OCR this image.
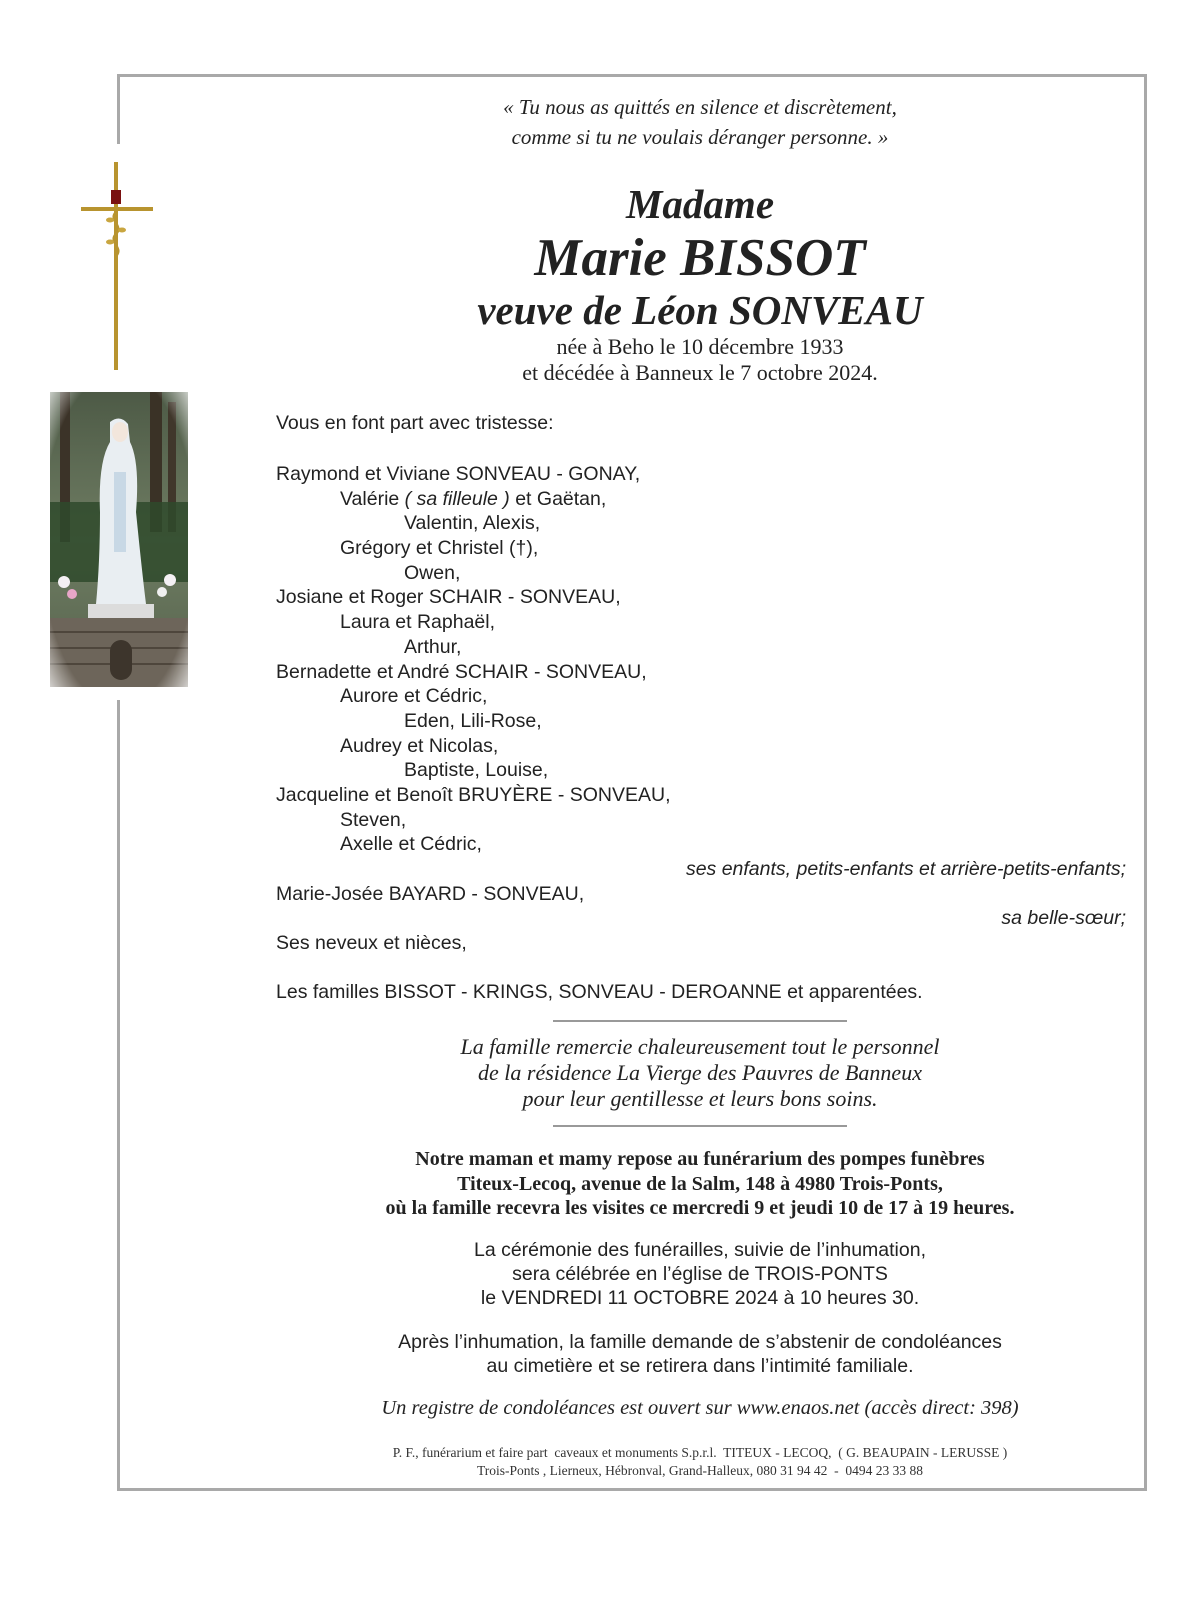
« Tu nous as quittés en silence et discrètement,
comme si tu ne voulais déranger personne. »
Madame
Marie BISSOT
veuve de Léon SONVEAU
née à Beho le 10 décembre 1933
et décédée à Banneux le 7 octobre 2024.
Vous en font part avec tristesse:
Raymond et Viviane SONVEAU - GONAY,
Valérie ( sa filleule ) et Gaëtan,
Valentin, Alexis,
Grégory et Christel (†),
Owen,
Josiane et Roger SCHAIR - SONVEAU,
Laura et Raphaël,
Arthur,
Bernadette et André SCHAIR - SONVEAU,
Aurore et Cédric,
Eden, Lili-Rose,
Audrey et Nicolas,
Baptiste, Louise,
Jacqueline et Benoît BRUYÈRE - SONVEAU,
Steven,
Axelle et Cédric,
ses enfants, petits-enfants et arrière-petits-enfants;
Marie-Josée BAYARD - SONVEAU,
sa belle-sœur;
Ses neveux et nièces,
Les familles BISSOT - KRINGS, SONVEAU - DEROANNE et apparentées.
La famille remercie chaleureusement tout le personnel
de la résidence La Vierge des Pauvres de Banneux
pour leur gentillesse et leurs bons soins.
Notre maman et mamy repose au funérarium des pompes funèbres
Titeux-Lecoq, avenue de la Salm, 148 à 4980 Trois-Ponts,
où la famille recevra les visites ce mercredi 9 et jeudi 10 de 17 à 19 heures.
La cérémonie des funérailles, suivie de l’inhumation,
sera célébrée en l’église de TROIS-PONTS
le VENDREDI 11 OCTOBRE 2024 à 10 heures 30.
Après l’inhumation, la famille demande de s’abstenir de condoléances
au cimetière et se retirera dans l’intimité familiale.
Un registre de condoléances est ouvert sur www.enaos.net (accès direct: 398)
P. F., funérarium et faire part  caveaux et monuments S.p.r.l.  TITEUX - LECOQ,  ( G. BEAUPAIN - LERUSSE )
Trois-Ponts , Lierneux, Hébronval, Grand-Halleux, 080 31 94 42  -  0494 23 33 88
